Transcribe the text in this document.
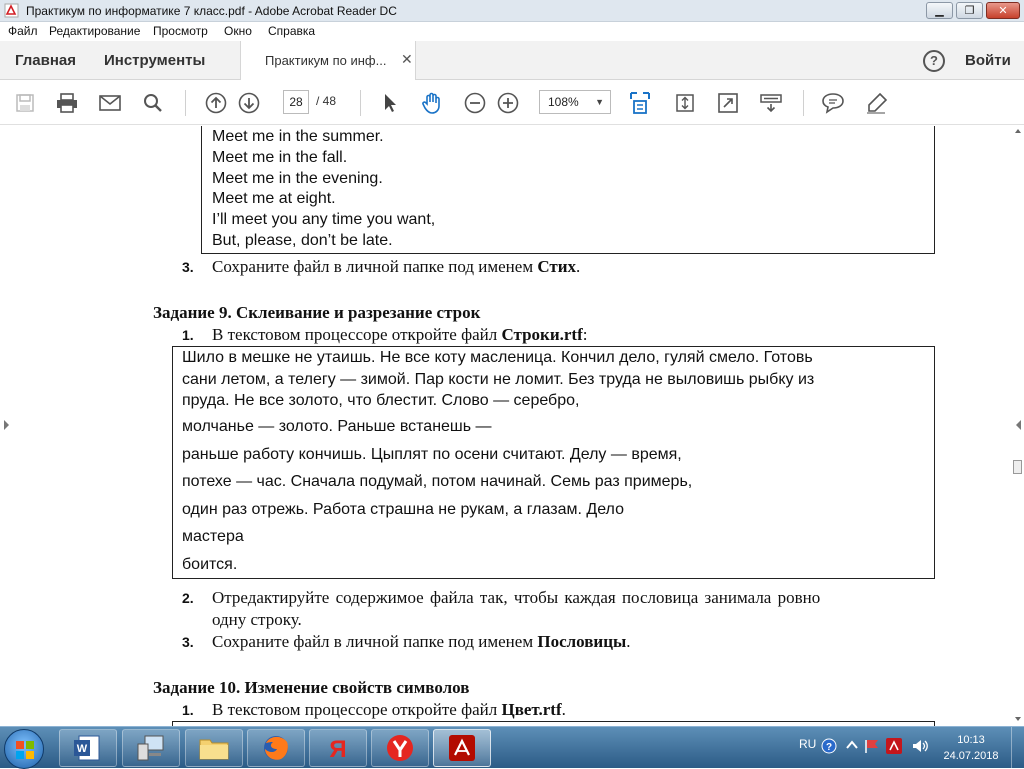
Практикум по информатике 7 класс.pdf - Adobe Acrobat Reader DC	▁ ❐ ✕
Файл Редактирование Просмотр Окно Справка
Главная Инструменты	Практикум по инф... ✕	?	Войти
28	/ 48	108% ▼
Meet me in the summer.
Meet me in the fall.
Meet me in the evening.
Meet me at eight.
I’ll meet you any time you want,
But, please, don’t be late.
3. Сохраните файл в личной папке под именем Стих.
Задание 9. Склеивание и разрезание строк
1. В текстовом процессоре откройте файл Строки.rtf:
Шило в мешке не утаишь. Не все коту масленица. Кончил дело, гуляй смело. Готовь
сани летом, а телегу — зимой. Пар кости не ломит. Без труда не выловишь рыбку из
пруда. Не все золото, что блестит. Слово — серебро,
молчанье — золото. Раньше встанешь —
раньше работу кончишь. Цыплят по осени считают. Делу — время,
потехе — час. Сначала подумай, потом начинай. Семь раз примерь,
один раз отрежь. Работа страшна не рукам, а глазам. Дело
мастера
боится.
2. Отредактируйте содержимое файла так, чтобы каждая пословица занимала ровно
одну строку.
3. Сохраните файл в личной папке под именем Пословицы.
Задание 10. Изменение свойств символов
1. В текстовом процессоре откройте файл Цвет.rtf.
W	Я	RU ?
10:13
24.07.2018
